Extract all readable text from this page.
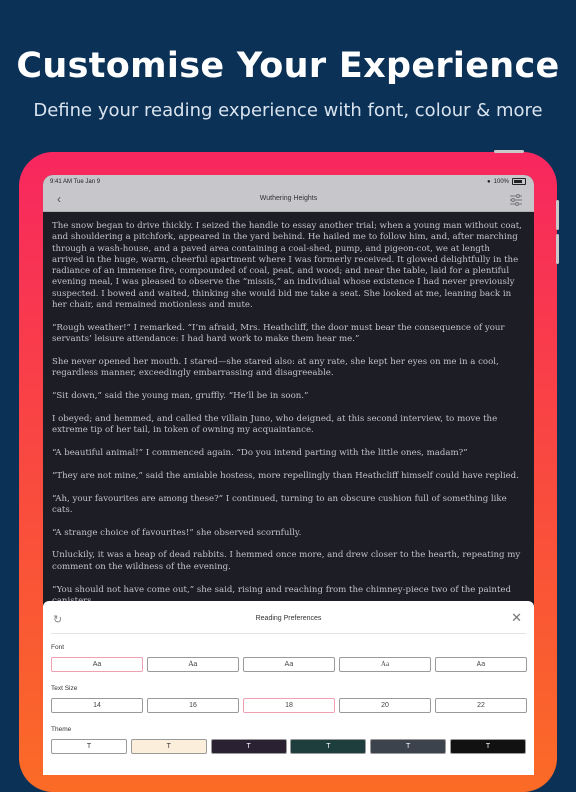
Customise Your Experience
Define your reading experience with font, colour & more
9:41 AM Tue Jan 9	● 100%
‹	Wuthering Heights

The snow began to drive thickly. I seized the handle to essay another trial; when a young man without coat, and shouldering a pitchfork, appeared in the yard behind. He hailed me to follow him, and, after marching through a wash-house, and a paved area containing a coal-shed, pump, and pigeon-cot, we at length arrived in the huge, warm, cheerful apartment where I was formerly received. It glowed delightfully in the radiance of an immense fire, compounded of coal, peat, and wood; and near the table, laid for a plentiful evening meal, I was pleased to observe the “missis,” an individual whose existence I had never previously suspected. I bowed and waited, thinking she would bid me take a seat. She looked at me, leaning back in her chair, and remained motionless and mute.

“Rough weather!” I remarked. “I’m afraid, Mrs. Heathcliff, the door must bear the consequence of your servants’ leisure attendance: I had hard work to make them hear me.”

She never opened her mouth. I stared—she stared also: at any rate, she kept her eyes on me in a cool, regardless manner, exceedingly embarrassing and disagreeable.

“Sit down,” said the young man, gruffly. “He’ll be in soon.”

I obeyed; and hemmed, and called the villain Juno, who deigned, at this second interview, to move the extreme tip of her tail, in token of owning my acquaintance.

“A beautiful animal!” I commenced again. “Do you intend parting with the little ones, madam?”

“They are not mine,” said the amiable hostess, more repellingly than Heathcliff himself could have replied.

“Ah, your favourites are among these?” I continued, turning to an obscure cushion full of something like cats.

“A strange choice of favourites!” she observed scornfully.

Unluckily, it was a heap of dead rabbits. I hemmed once more, and drew closer to the hearth, repeating my comment on the wildness of the evening.

“You should not have come out,” she said, rising and reaching from the chimney-piece two of the painted

↻	Reading Preferences	✕
Font
Aa	Aa	Aa	Aa	Aa
Text Size
14	16	18	20	22
Theme
T	T	T	T	T	T
